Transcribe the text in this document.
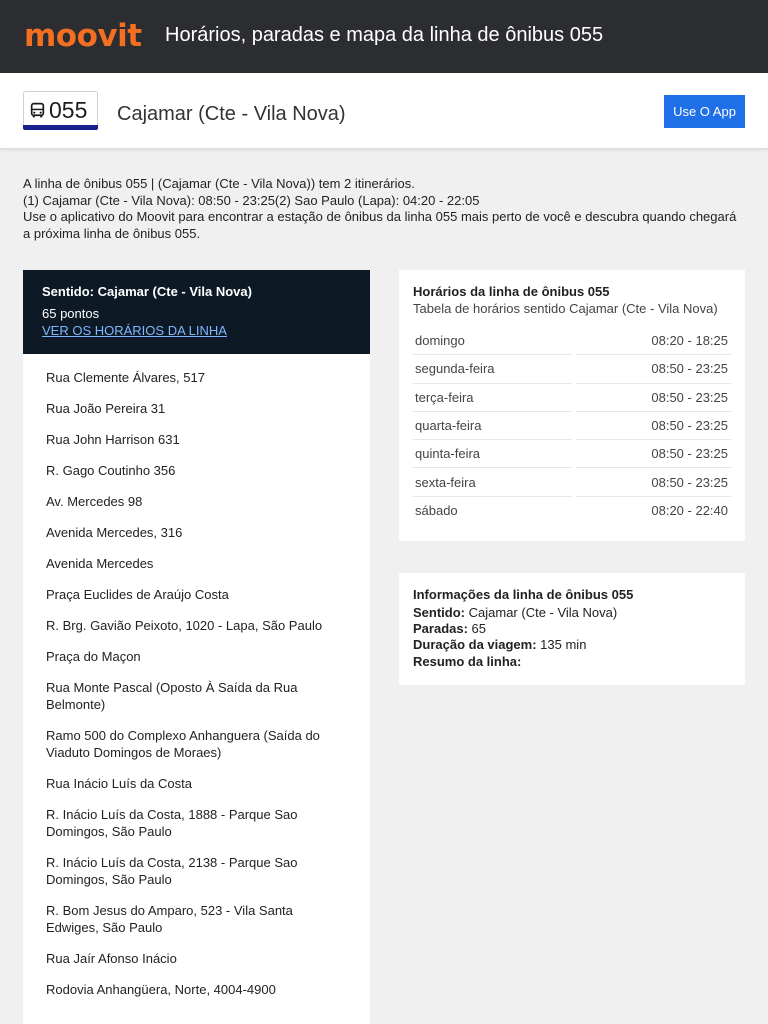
moovit Horários, paradas e mapa da linha de ônibus 055
055 Cajamar (Cte - Vila Nova)	Use O App

A linha de ônibus 055 | (Cajamar (Cte - Vila Nova)) tem 2 itinerários.

(1) Cajamar (Cte - Vila Nova): 08:50 - 23:25(2) Sao Paulo (Lapa): 04:20 - 22:05

Use o aplicativo do Moovit para encontrar a estação de ônibus da linha 055 mais perto de você e descubra quando chegará a próxima linha de ônibus 055.

Sentido: Cajamar (Cte - Vila Nova)
65 pontos
VER OS HORÁRIOS DA LINHA
Rua Clemente Álvares, 517
Rua João Pereira 31
Rua John Harrison 631
R. Gago Coutinho 356
Av. Mercedes 98
Avenida Mercedes, 316
Avenida Mercedes
Praça Euclides de Araújo Costa
R. Brg. Gavião Peixoto, 1020 - Lapa, São Paulo
Praça do Maçon
Rua Monte Pascal (Oposto À Saída da Rua Belmonte)
Ramo 500 do Complexo Anhanguera (Saída do Viaduto Domingos de Moraes)
Rua Inácio Luís da Costa
R. Inácio Luís da Costa, 1888 - Parque Sao Domingos, São Paulo
R. Inácio Luís da Costa, 2138 - Parque Sao Domingos, São Paulo
R. Bom Jesus do Amparo, 523 - Vila Santa Edwiges, São Paulo
Rua Jaír Afonso Inácio
Rodovia Anhangüera, Norte, 4004-4900
Horários da linha de ônibus 055
Tabela de horários sentido Cajamar (Cte - Vila Nova)
domingo		08:20 - 18:25
segunda-feira		08:50 - 23:25
terça-feira		08:50 - 23:25
quarta-feira		08:50 - 23:25
quinta-feira		08:50 - 23:25
sexta-feira		08:50 - 23:25
sábado		08:20 - 22:40
Informações da linha de ônibus 055
Sentido: Cajamar (Cte - Vila Nova)
Paradas: 65
Duração da viagem: 135 min
Resumo da linha:
